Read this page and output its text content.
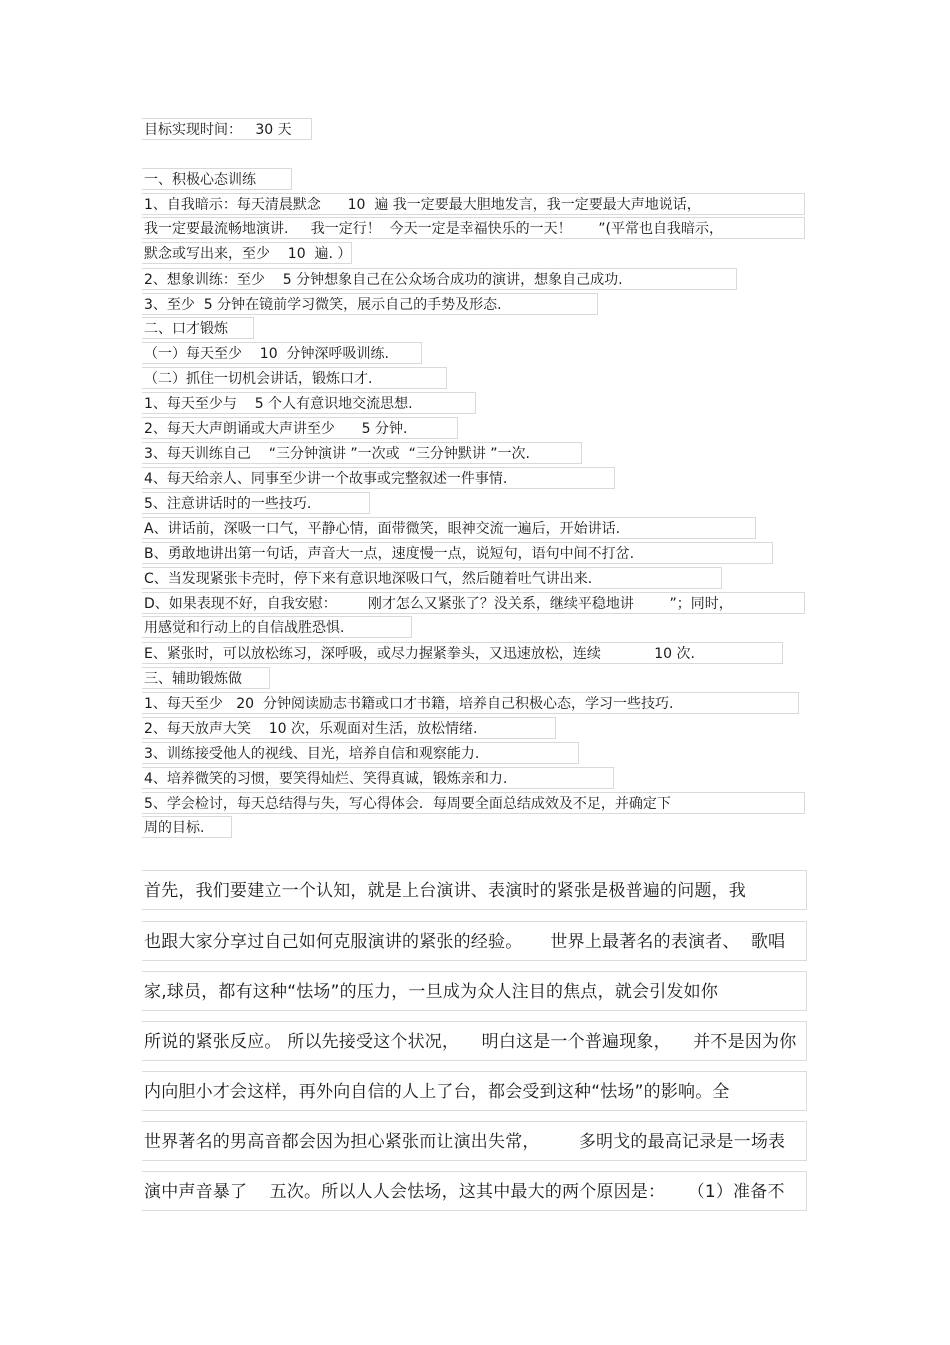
目标实现时间：   30 天
一、积极心态训练
1、自我暗示：每天清晨默念      10  遍 我一定要最大胆地发言，我一定要最大声地说话，
我一定要最流畅地演讲.     我一定行！  今天一定是幸福快乐的一天！      ”(平常也自我暗示，
默念或写出来，至少    10  遍. ）
2、想象训练：至少    5 分钟想象自己在公众场合成功的演讲，想象自己成功.
3、至少  5 分钟在镜前学习微笑，展示自己的手势及形态.
二、口才锻炼
（一）每天至少    10  分钟深呼吸训练.
（二）抓住一切机会讲话，锻炼口才.
1、每天至少与    5 个人有意识地交流思想.
2、每天大声朗诵或大声讲至少      5 分钟.
3、每天训练自己    “三分钟演讲 ”一次或  “三分钟默讲 ”一次.
4、每天给亲人、同事至少讲一个故事或完整叙述一件事情.
5、注意讲话时的一些技巧.
A、讲话前，深吸一口气，平静心情，面带微笑，眼神交流一遍后，开始讲话.
B、勇敢地讲出第一句话，声音大一点，速度慢一点，说短句，语句中间不打岔.
C、当发现紧张卡壳时，停下来有意识地深吸口气，然后随着吐气讲出来.
D、如果表现不好，自我安慰：       刚才怎么又紧张了？没关系，继续平稳地讲        ”；同时，
用感觉和行动上的自信战胜恐惧.
E、紧张时，可以放松练习，深呼吸，或尽力握紧拳头，又迅速放松，连续            10 次.
三、辅助锻炼做
1、每天至少   20  分钟阅读励志书籍或口才书籍，培养自己积极心态，学习一些技巧.
2、每天放声大笑    10 次，乐观面对生活，放松情绪.
3、训练接受他人的视线、目光，培养自信和观察能力.
4、培养微笑的习惯，要笑得灿烂、笑得真诚，锻炼亲和力.
5、学会检讨，每天总结得与失，写心得体会．每周要全面总结成效及不足，并确定下
周的目标.
首先，我们要建立一个认知，就是上台演讲、表演时的紧张是极普遍的问题，我
也跟大家分享过自己如何克服演讲的紧张的经验。     世界上最著名的表演者、  歌唱
家,球员，都有这种“怯场”的压力，一旦成为众人注目的焦点，就会引发如你
所说的紧张反应。 所以先接受这个状况，    明白这是一个普遍现象，    并不是因为你
内向胆小才会这样，再外向自信的人上了台，都会受到这种“怯场”的影响。全
世界著名的男高音都会因为担心紧张而让演出失常，       多明戈的最高记录是一场表
演中声音暴了    五次。所以人人会怯场，这其中最大的两个原因是：    （1）准备不
